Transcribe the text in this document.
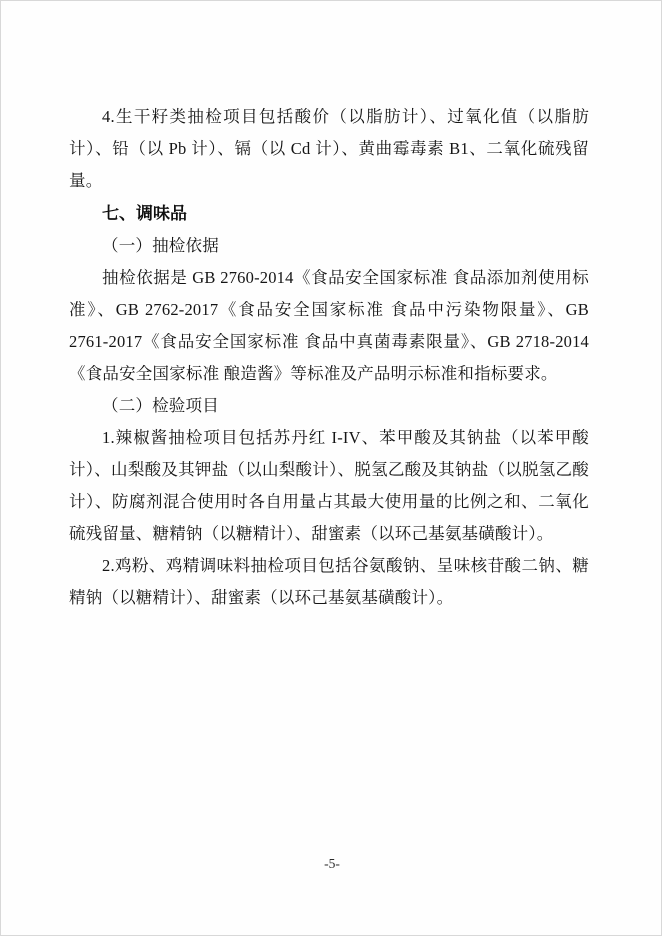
4.生干籽类抽检项目包括酸价（以脂肪计）、过氧化值（以脂肪计）、铅（以 Pb 计）、镉（以 Cd 计）、黄曲霉毒素 B1、二氧化硫残留量。

七、调味品

（一）抽检依据

抽检依据是 GB 2760-2014《食品安全国家标准 食品添加剂使用标准》、GB 2762-2017《食品安全国家标准 食品中污染物限量》、GB 2761-2017《食品安全国家标准 食品中真菌毒素限量》、GB 2718-2014《食品安全国家标准 酿造酱》等标准及产品明示标准和指标要求。

（二）检验项目

1.辣椒酱抽检项目包括苏丹红 I-IV、苯甲酸及其钠盐（以苯甲酸计）、山梨酸及其钾盐（以山梨酸计）、脱氢乙酸及其钠盐（以脱氢乙酸计）、防腐剂混合使用时各自用量占其最大使用量的比例之和、二氧化硫残留量、糖精钠（以糖精计）、甜蜜素（以环己基氨基磺酸计）。

2.鸡粉、鸡精调味料抽检项目包括谷氨酸钠、呈味核苷酸二钠、糖精钠（以糖精计）、甜蜜素（以环己基氨基磺酸计）。

-5-
